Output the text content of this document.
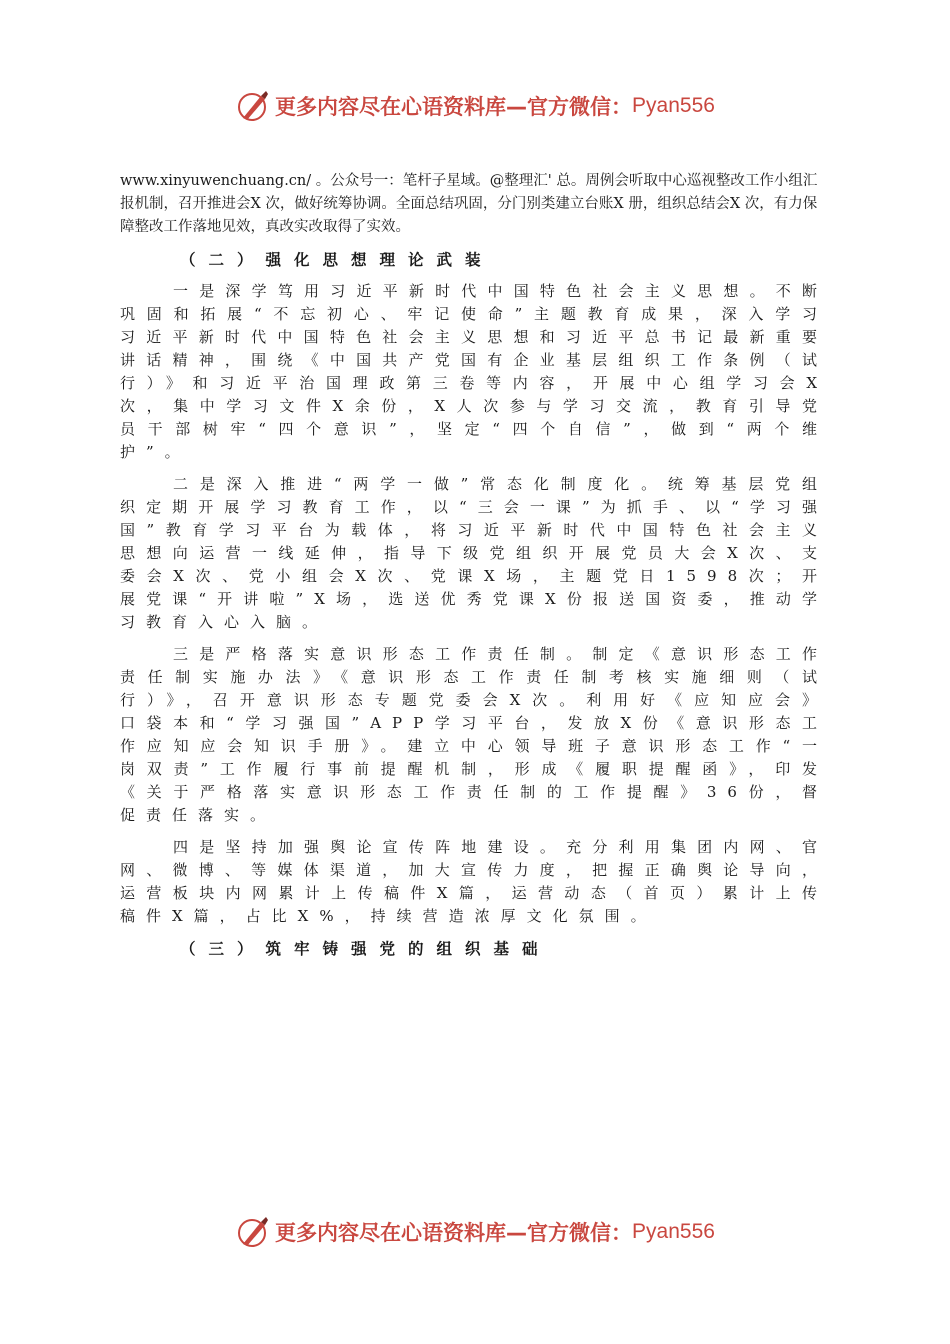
更多内容尽在心语资料库—官方微信： Pyan556

www.xinyuwenchuang.cn/ 。公众号一：笔杆子星域。@整理汇' 总。周例会听取中心巡视整改工作小组汇报机制，召开推进会X 次，做好统筹协调。全面总结巩固，分门别类建立台账X 册，组织总结会X 次，有力保障整改工作落地见效，真改实改取得了实效。

（二）强化思想理论武装

一是深学笃用习近平新时代中国特色社会主义思想。不断巩固和拓展“不忘初心、牢记使命”主题教育成果，深入学习习近平新时代中国特色社会主义思想和习近平总书记最新重要讲话精神，围绕《中国共产党国有企业基层组织工作条例（试行）》和习近平治国理政第三卷等内容，开展中心组学习会X次，集中学习文件X余份，X人次参与学习交流，教育引导党员干部树牢“四个意识”，坚定“四个自信”，做到“两个维护”。

二是深入推进“两学一做”常态化制度化。统筹基层党组织定期开展学习教育工作，以“三会一课”为抓手、以“学习强国”教育学习平台为载体，将习近平新时代中国特色社会主义思想向运营一线延伸，指导下级党组织开展党员大会X次、支委会X次、党小组会X次、党课X场，主题党日1598次；开展党课“开讲啦”X场，选送优秀党课X份报送国资委，推动学习教育入心入脑。

三是严格落实意识形态工作责任制。制定《意识形态工作责任制实施办法》《意识形态工作责任制考核实施细则（试行）》，召开意识形态专题党委会X次。利用好《应知应会》口袋本和“学习强国”APP学习平台，发放X份《意识形态工作应知应会知识手册》。建立中心领导班子意识形态工作“一岗双责”工作履行事前提醒机制，形成《履职提醒函》，印发《关于严格落实意识形态工作责任制的工作提醒》36份，督促责任落实。

四是坚持加强舆论宣传阵地建设。充分利用集团内网、官网、微博、等媒体渠道，加大宣传力度，把握正确舆论导向，运营板块内网累计上传稿件X篇，运营动态（首页）累计上传稿件X篇，占比X%，持续营造浓厚文化氛围。

（三）筑牢铸强党的组织基础
更多内容尽在心语资料库—官方微信： Pyan556
